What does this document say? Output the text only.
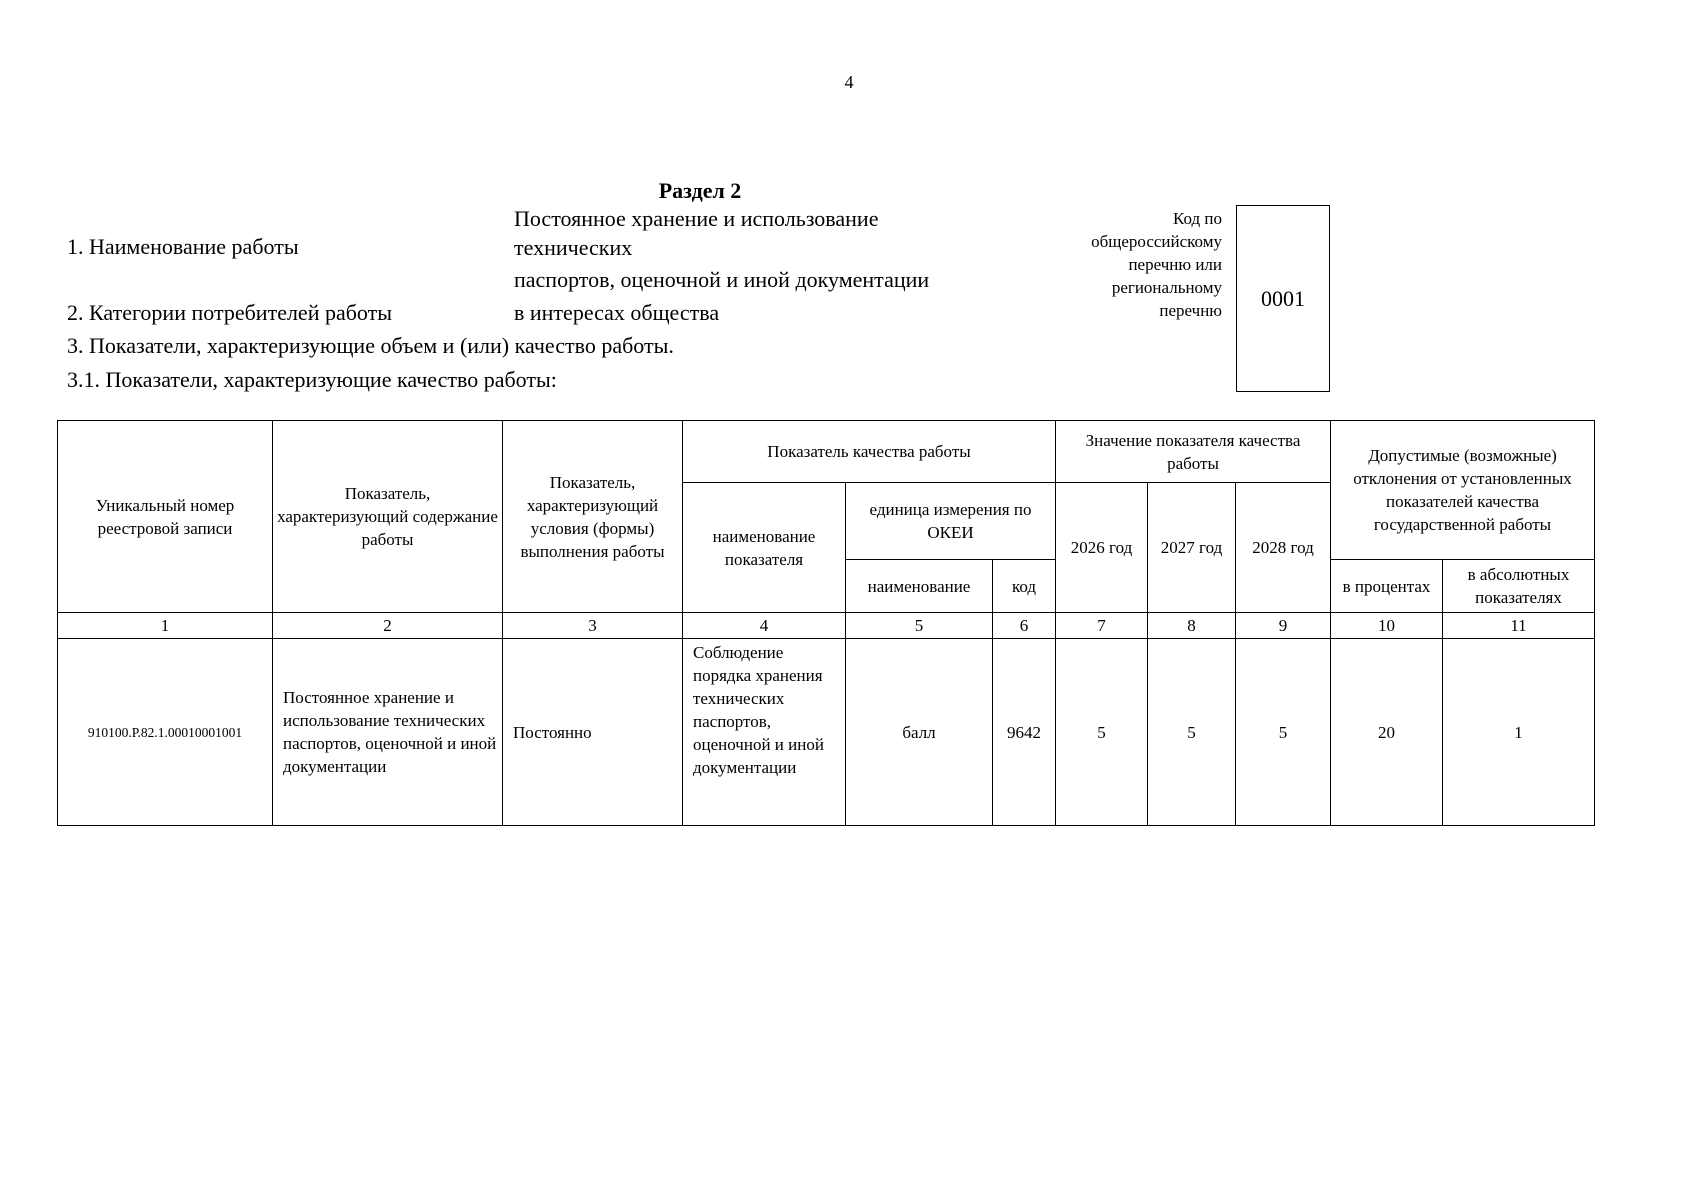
4
Раздел 2
1. Наименование работы
Постоянное хранение и использование
технических
паспортов, оценочной и иной документации
2. Категории потребителей работы	в интересах общества
3. Показатели, характеризующие объем и (или) качество работы.
3.1. Показатели, характеризующие качество работы:
Код по
общероссийскому
перечню или
региональному
перечню 0001
Уникальный номер реестровой записи	Показатель, характеризующий содержание работы	Показатель, характеризующий условия (формы) выполнения работы	Показатель качества работы			Значение показателя качества работы			Допустимые (возможные) отклонения от установленных показателей качества государственной работы	
			наименование показателя	единица измерения по ОКЕИ		2026 год	2027 год	2028 год		
				наименование	код				в процентах	в абсолютных показателях
1	2	3	4	5	6	7	8	9	10	11
910100.Р.82.1.00010001001	Постоянное хранение и использование технических паспортов, оценочной и иной документации	Постоянно	Соблюдение порядка хранения технических паспортов, оценочной и иной документации	балл	9642	5	5	5	20	1
